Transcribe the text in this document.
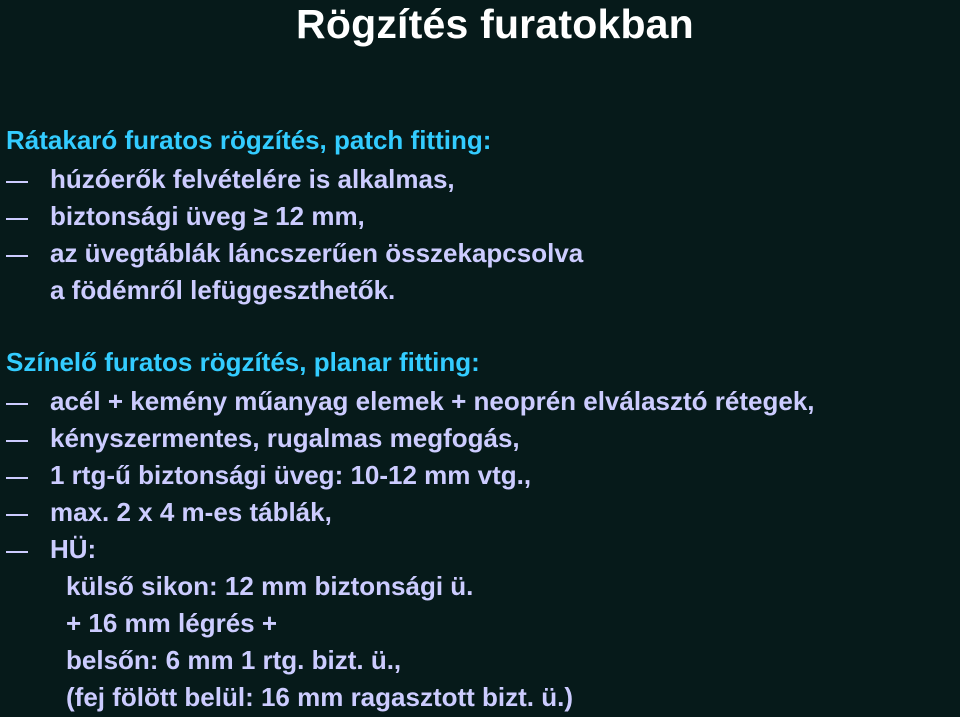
Rögzítés furatokban
Rátakaró furatos rögzítés, patch fitting:
húzóerők felvételére is alkalmas,
biztonsági üveg ≥ 12 mm,
az üvegtáblák láncszerűen összekapcsolva
a födémről lefüggeszthetők.
Színelő furatos rögzítés, planar fitting:
acél + kemény műanyag elemek + neoprén elválasztó rétegek,
kényszermentes, rugalmas megfogás,
1 rtg-ű biztonsági üveg: 10-12 mm vtg.,
max. 2 x 4 m-es táblák,
HÜ:
külső sikon: 12 mm biztonsági ü.
+ 16 mm légrés +
belsőn: 6 mm 1 rtg. bizt. ü.,
(fej fölött belül: 16 mm ragasztott bizt. ü.)
